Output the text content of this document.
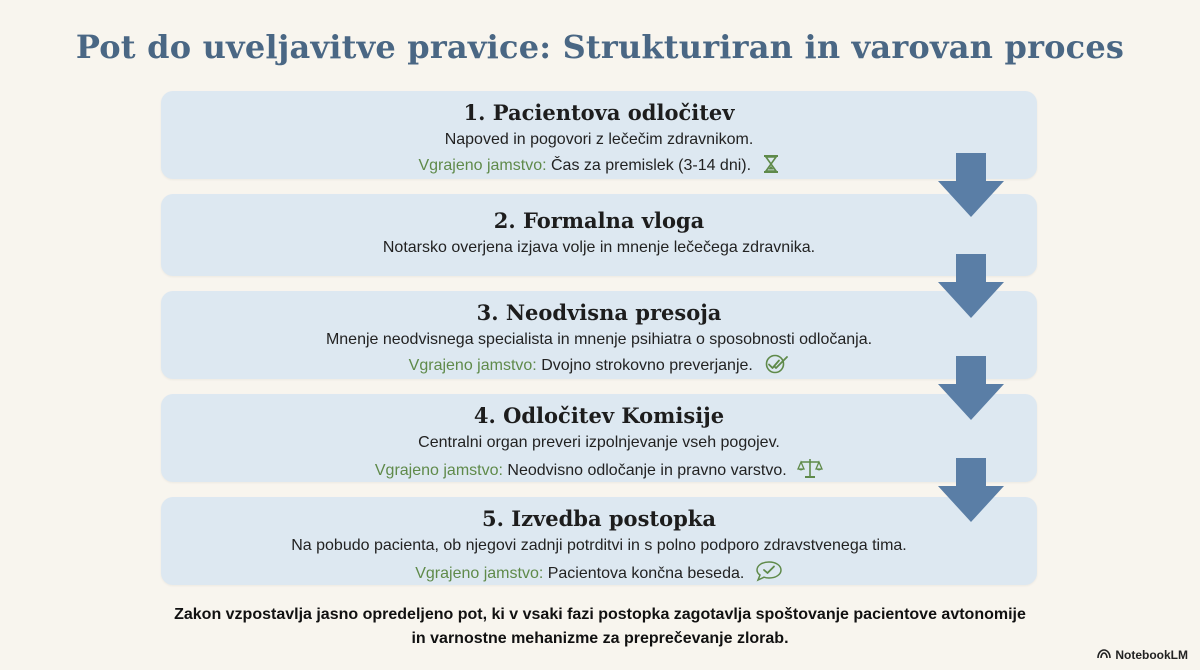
Pot do uveljavitve pravice: Strukturiran in varovan proces
1. Pacientova odločitev
Napoved in pogovori z lečečim zdravnikom.
Vgrajeno jamstvo: Čas za premislek (3-14 dni).
2. Formalna vloga
Notarsko overjena izjava volje in mnenje lečečega zdravnika.
3. Neodvisna presoja
Mnenje neodvisnega specialista in mnenje psihiatra o sposobnosti odločanja.
Vgrajeno jamstvo: Dvojno strokovno preverjanje.
4. Odločitev Komisije
Centralni organ preveri izpolnjevanje vseh pogojev.
Vgrajeno jamstvo: Neodvisno odločanje in pravno varstvo.
5. Izvedba postopka
Na pobudo pacienta, ob njegovi zadnji potrditvi in s polno podporo zdravstvenega tima.
Vgrajeno jamstvo: Pacientova končna beseda.
Zakon vzpostavlja jasno opredeljeno pot, ki v vsaki fazi postopka zagotavlja spoštovanje pacientove avtonomije
in varnostne mehanizme za preprečevanje zlorab.
NotebookLM
